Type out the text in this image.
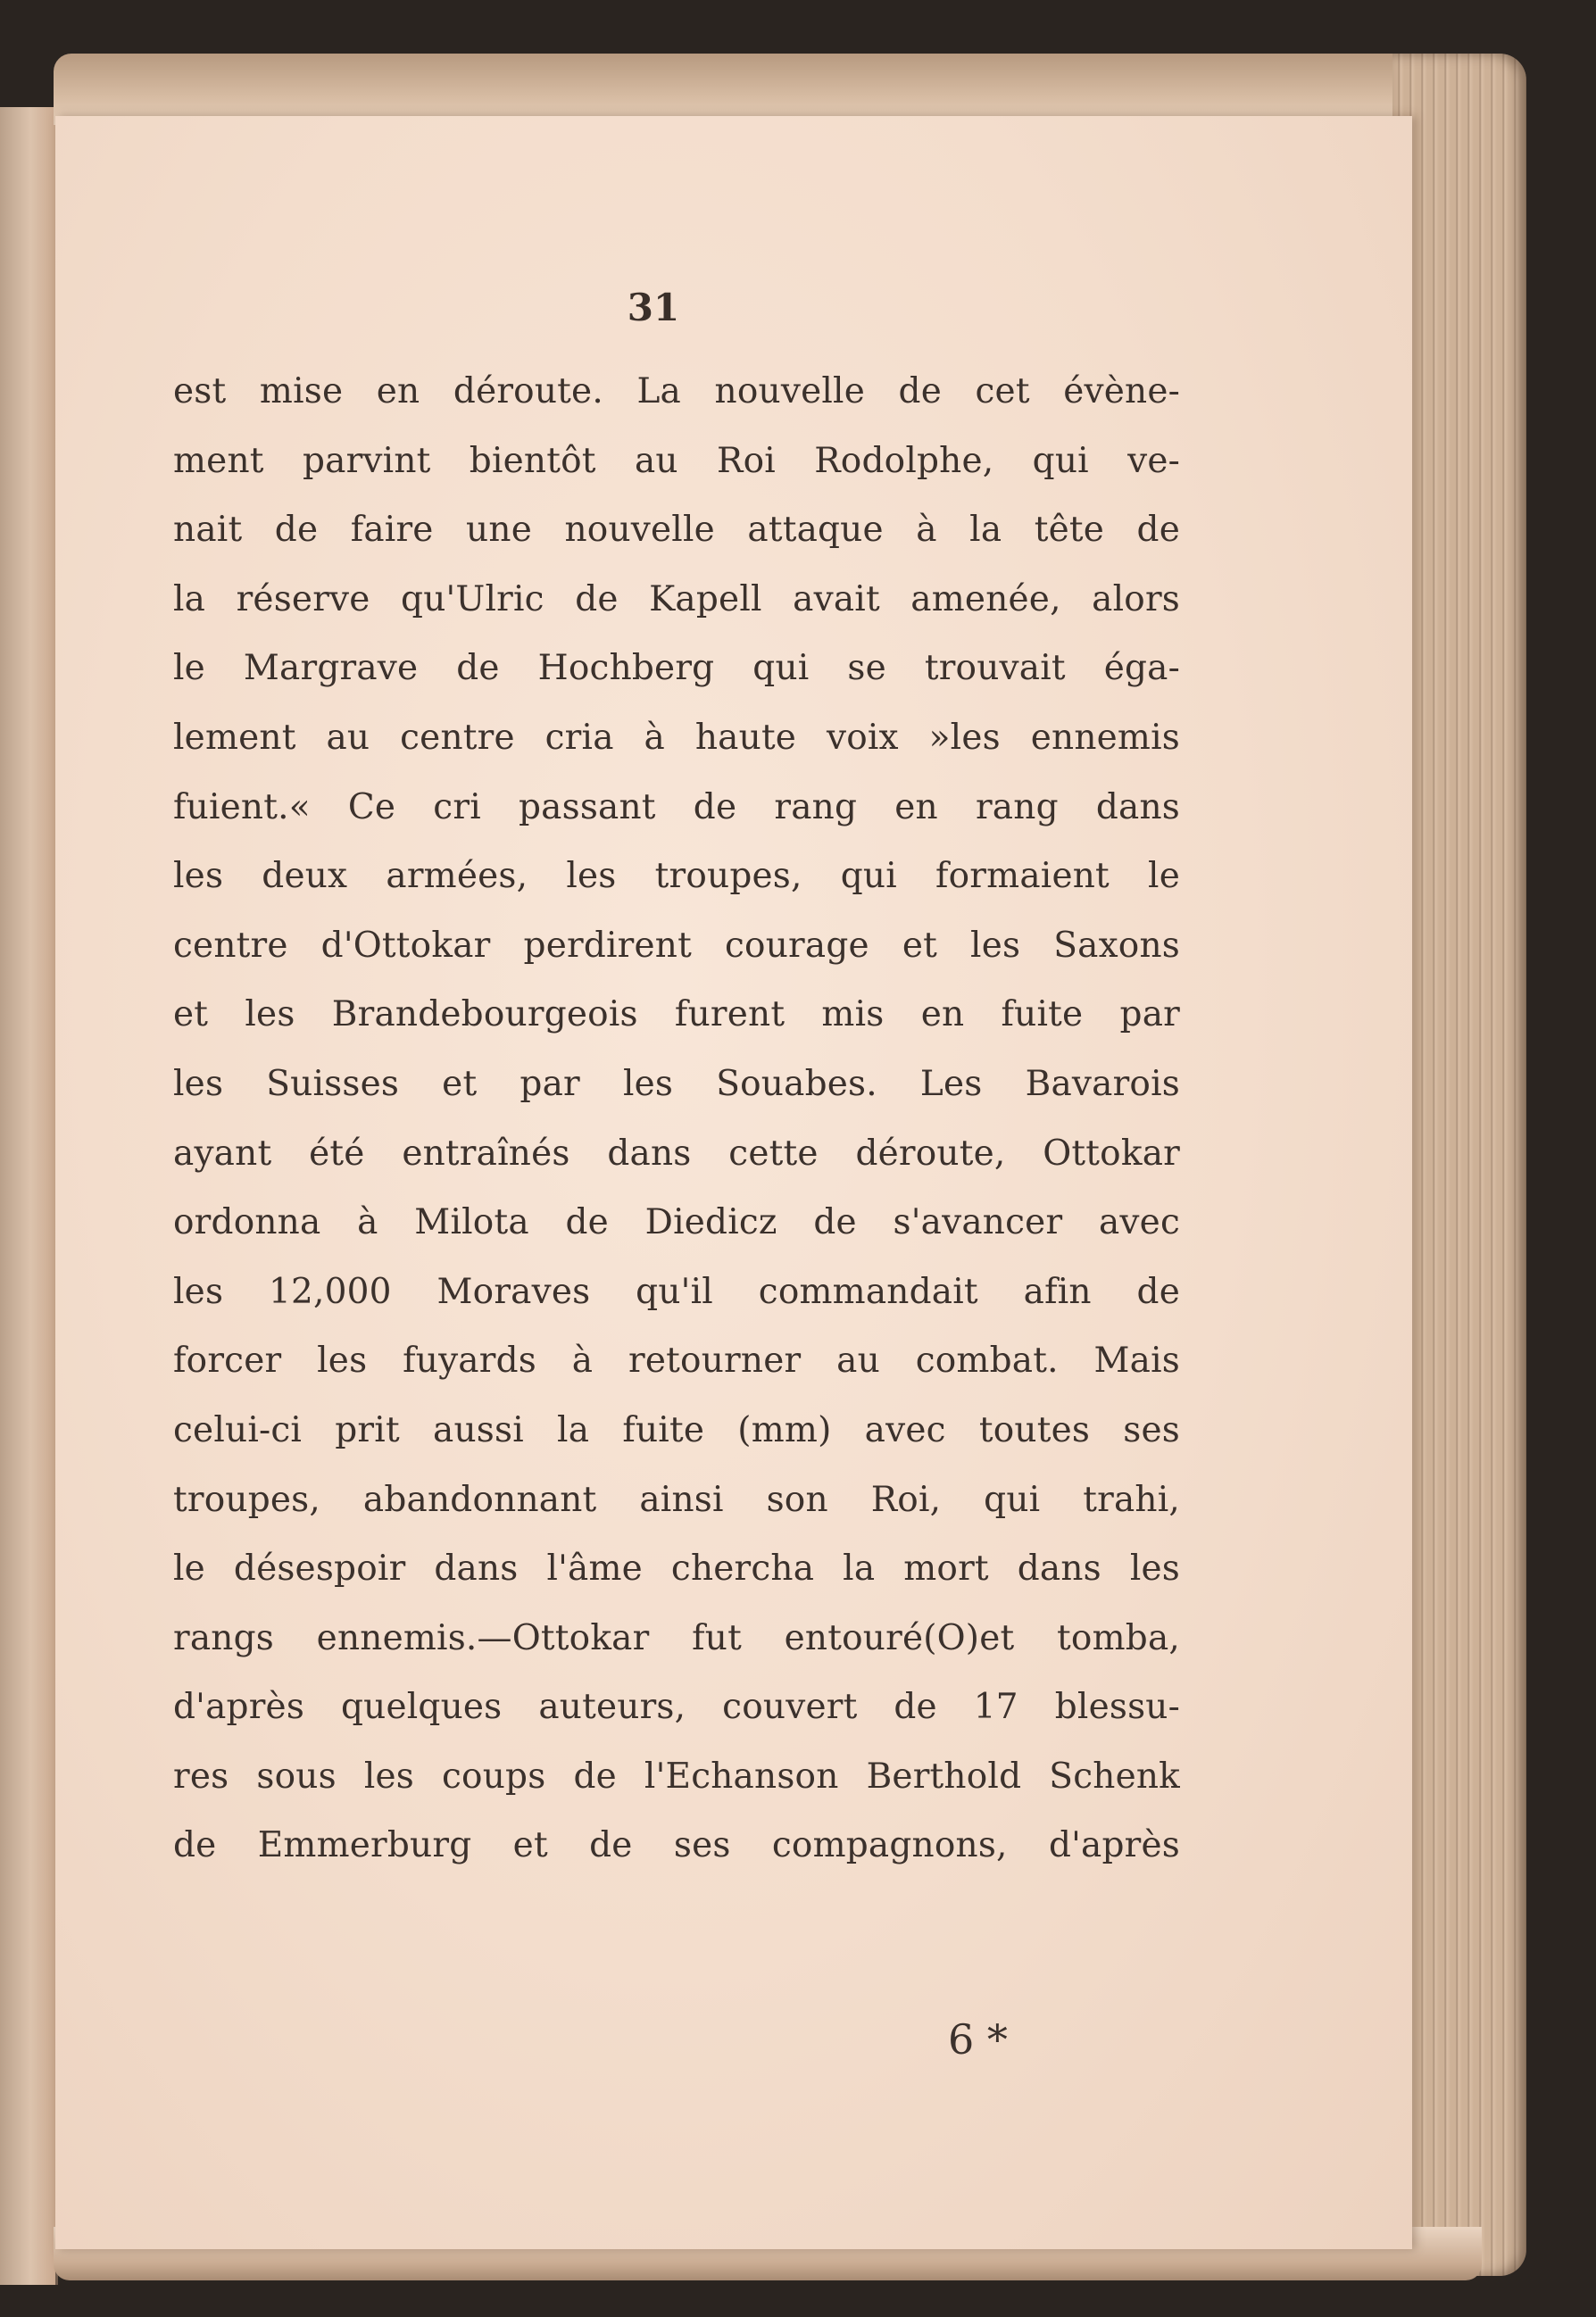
31
est mise en déroute. La nouvelle de cet évène-
ment parvint bientôt au Roi Rodolphe, qui ve-
nait de faire une nouvelle attaque à la tête de
la réserve qu'Ulric de Kapell avait amenée, alors
le Margrave de Hochberg qui se trouvait éga-
lement au centre cria à haute voix »les ennemis
fuient.« Ce cri passant de rang en rang dans
les deux armées, les troupes, qui formaient le
centre d'Ottokar perdirent courage et les Saxons
et les Brandebourgeois furent mis en fuite par
les Suisses et par les Souabes. Les Bavarois
ayant été entraînés dans cette déroute, Ottokar
ordonna à Milota de Diedicz de s'avancer avec
les 12,000 Moraves qu'il commandait afin de
forcer les fuyards à retourner au combat. Mais
celui-ci prit aussi la fuite (mm) avec toutes ses
troupes, abandonnant ainsi son Roi, qui trahi,
le désespoir dans l'âme chercha la mort dans les
rangs ennemis.—Ottokar fut entouré(O)et tomba,
d'après quelques auteurs, couvert de 17 blessu-
res sous les coups de l'Echanson Berthold Schenk
de Emmerburg et de ses compagnons, d'après
6 *
